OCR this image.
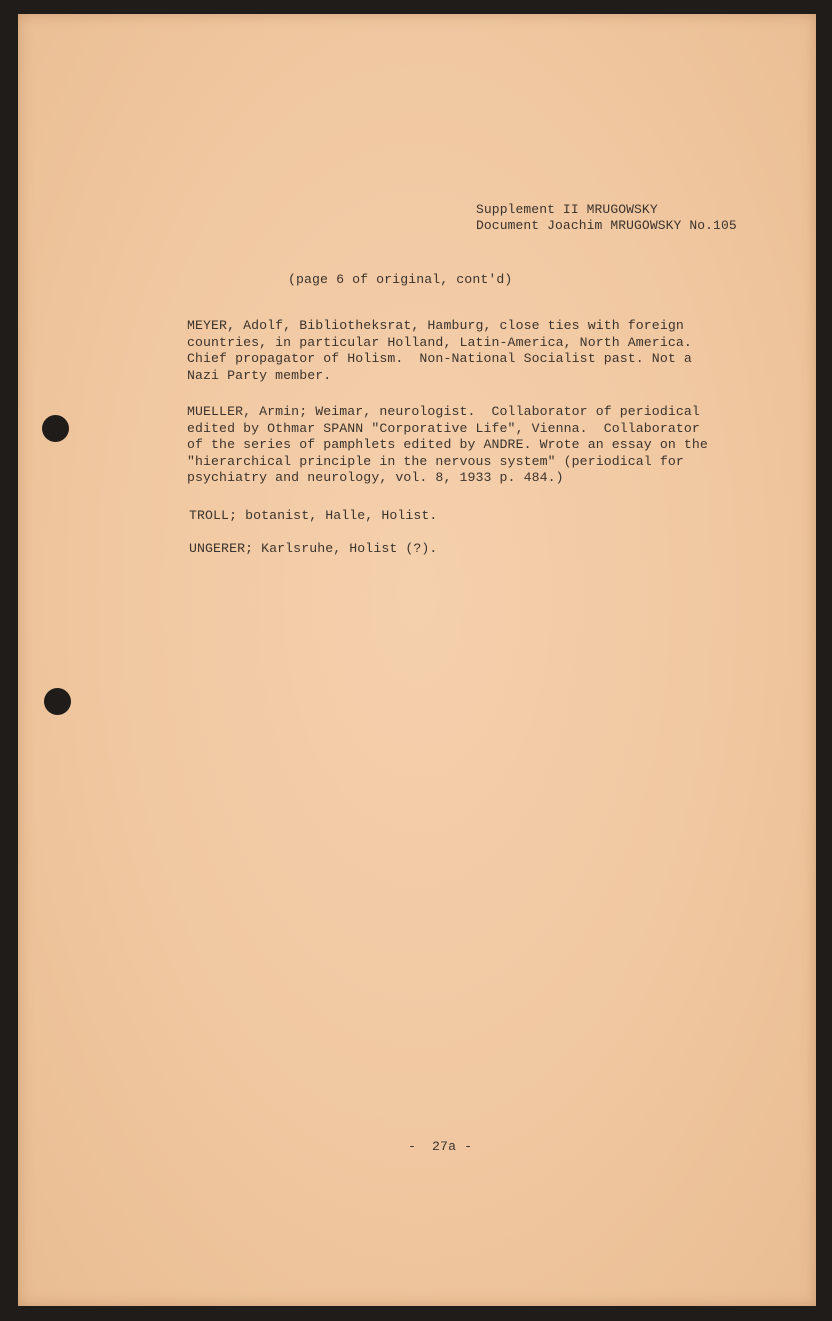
Supplement II MRUGOWSKY
Document Joachim MRUGOWSKY No.105
(page 6 of original, cont'd)
MEYER, Adolf, Bibliotheksrat, Hamburg, close ties with foreign
countries, in particular Holland, Latin-America, North America.
Chief propagator of Holism.  Non-National Socialist past. Not a
Nazi Party member.
MUELLER, Armin; Weimar, neurologist.  Collaborator of periodical
edited by Othmar SPANN "Corporative Life", Vienna.  Collaborator
of the series of pamphlets edited by ANDRE. Wrote an essay on the
"hierarchical principle in the nervous system" (periodical for
psychiatry and neurology, vol. 8, 1933 p. 484.)
TROLL; botanist, Halle, Holist.
UNGERER; Karlsruhe, Holist (?).
-  27a -
